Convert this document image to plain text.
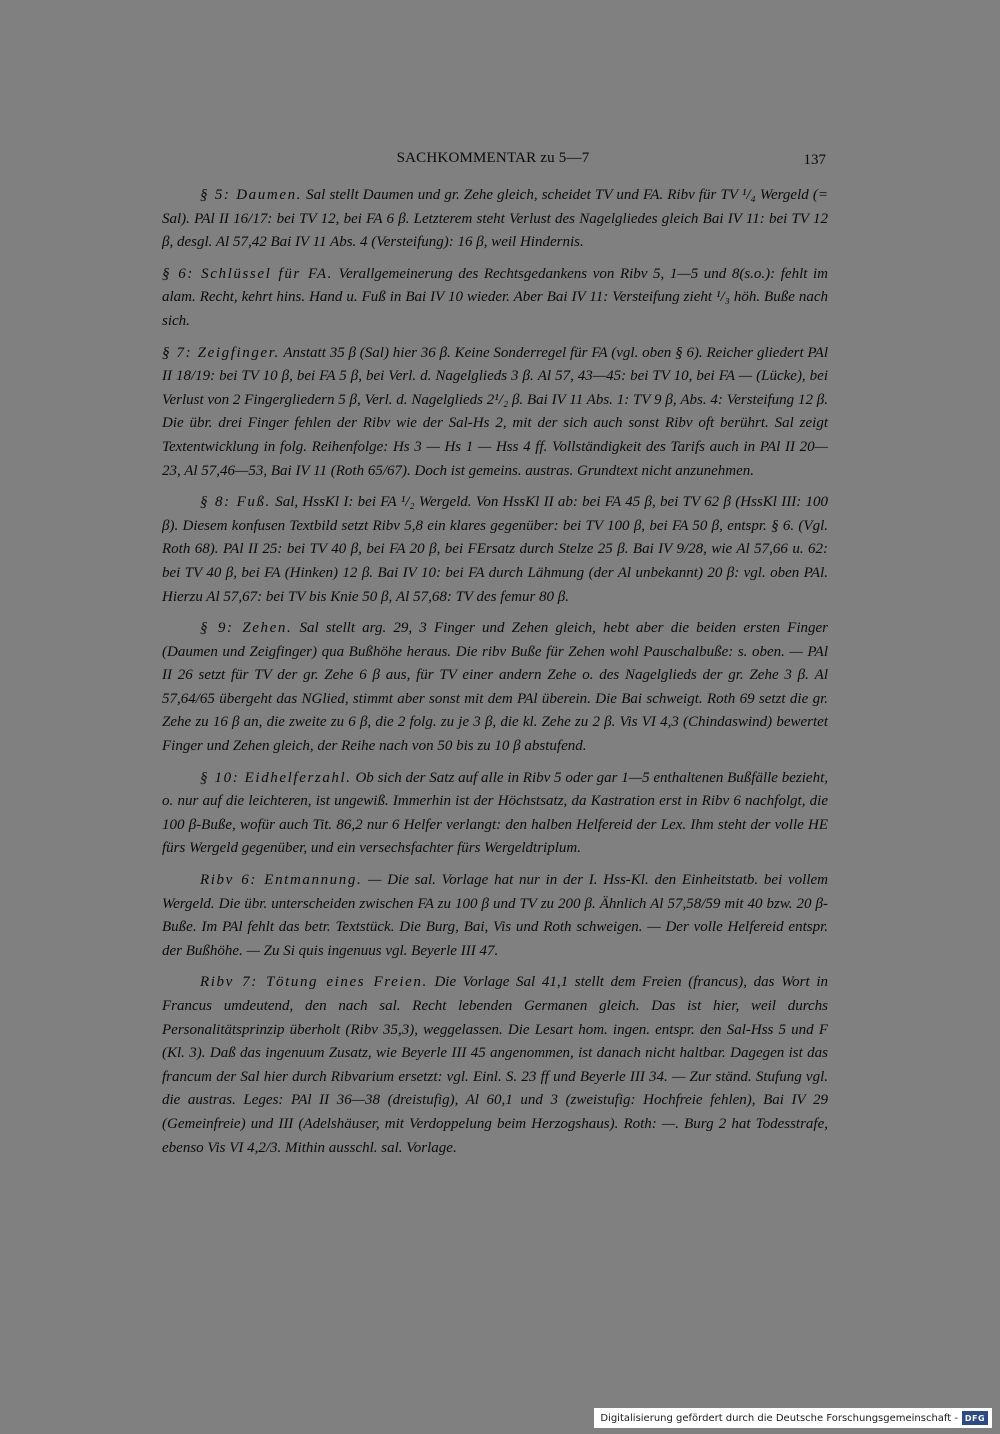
SACHKOMMENTAR zu 5—7	137

§ 5: Daumen. Sal stellt Daumen und gr. Zehe gleich, scheidet TV und FA. Ribv für TV ¹/₄ Wergeld (= Sal). PAl II 16/17: bei TV 12, bei FA 6 β. Letzterem steht Verlust des Nagelgliedes gleich Bai IV 11: bei TV 12 β, desgl. Al 57,42 Bai IV 11 Abs. 4 (Versteifung): 16 β, weil Hindernis.

§ 6: Schlüssel für FA. Verallgemeinerung des Rechtsgedankens von Ribv 5, 1—5 und 8(s.o.): fehlt im alam. Recht, kehrt hins. Hand u. Fuß in Bai IV 10 wieder. Aber Bai IV 11: Versteifung zieht ¹/₃ höh. Buße nach sich.

§ 7: Zeigfinger. Anstatt 35 β (Sal) hier 36 β. Keine Sonderregel für FA (vgl. oben § 6). Reicher gliedert PAl II 18/19: bei TV 10 β, bei FA 5 β, bei Verl. d. Nagelglieds 3 β. Al 57, 43—45: bei TV 10, bei FA — (Lücke), bei Verlust von 2 Fingergliedern 5 β, Verl. d. Nagelglieds 2¹/₂ β. Bai IV 11 Abs. 1: TV 9 β, Abs. 4: Versteifung 12 β. Die übr. drei Finger fehlen der Ribv wie der Sal-Hs 2, mit der sich auch sonst Ribv oft berührt. Sal zeigt Textentwicklung in folg. Reihenfolge: Hs 3 — Hs 1 — Hss 4 ff. Vollständigkeit des Tarifs auch in PAl II 20—23, Al 57,46—53, Bai IV 11 (Roth 65/67). Doch ist gemeins. austras. Grundtext nicht anzunehmen.

§ 8: Fuß. Sal, HssKl I: bei FA ¹/₂ Wergeld. Von HssKl II ab: bei FA 45 β, bei TV 62 β (HssKl III: 100 β). Diesem konfusen Textbild setzt Ribv 5,8 ein klares gegenüber: bei TV 100 β, bei FA 50 β, entspr. § 6. (Vgl. Roth 68). PAl II 25: bei TV 40 β, bei FA 20 β, bei FErsatz durch Stelze 25 β. Bai IV 9/28, wie Al 57,66 u. 62: bei TV 40 β, bei FA (Hinken) 12 β. Bai IV 10: bei FA durch Lähmung (der Al unbekannt) 20 β: vgl. oben PAl. Hierzu Al 57,67: bei TV bis Knie 50 β, Al 57,68: TV des femur 80 β.

§ 9: Zehen. Sal stellt arg. 29, 3 Finger und Zehen gleich, hebt aber die beiden ersten Finger (Daumen und Zeigfinger) qua Bußhöhe heraus. Die ribv Buße für Zehen wohl Pauschalbuße: s. oben. — PAl II 26 setzt für TV der gr. Zehe 6 β aus, für TV einer andern Zehe o. des Nagelglieds der gr. Zehe 3 β. Al 57,64/65 übergeht das NGlied, stimmt aber sonst mit dem PAl überein. Die Bai schweigt. Roth 69 setzt die gr. Zehe zu 16 β an, die zweite zu 6 β, die 2 folg. zu je 3 β, die kl. Zehe zu 2 β. Vis VI 4,3 (Chindaswind) bewertet Finger und Zehen gleich, der Reihe nach von 50 bis zu 10 β abstufend.

§ 10: Eidhelferzahl. Ob sich der Satz auf alle in Ribv 5 oder gar 1—5 enthaltenen Bußfälle bezieht, o. nur auf die leichteren, ist ungewiß. Immerhin ist der Höchstsatz, da Kastration erst in Ribv 6 nachfolgt, die 100 β-Buße, wofür auch Tit. 86,2 nur 6 Helfer verlangt: den halben Helfereid der Lex. Ihm steht der volle HE fürs Wergeld gegenüber, und ein versechsfachter fürs Wergeldtriplum.

Ribv 6: Entmannung. — Die sal. Vorlage hat nur in der I. Hss-Kl. den Einheitstatb. bei vollem Wergeld. Die übr. unterscheiden zwischen FA zu 100 β und TV zu 200 β. Ähnlich Al 57,58/59 mit 40 bzw. 20 β-Buße. Im PAl fehlt das betr. Textstück. Die Burg, Bai, Vis und Roth schweigen. — Der volle Helfereid entspr. der Bußhöhe. — Zu Si quis ingenuus vgl. Beyerle III 47.

Ribv 7: Tötung eines Freien. Die Vorlage Sal 41,1 stellt dem Freien (francus), das Wort in Francus umdeutend, den nach sal. Recht lebenden Germanen gleich. Das ist hier, weil durchs Personalitätsprinzip überholt (Ribv 35,3), weggelassen. Die Lesart hom. ingen. entspr. den Sal-Hss 5 und F (Kl. 3). Daß das ingenuum Zusatz, wie Beyerle III 45 angenommen, ist danach nicht haltbar. Dagegen ist das francum der Sal hier durch Ribvarium ersetzt: vgl. Einl. S. 23 ff und Beyerle III 34. — Zur ständ. Stufung vgl. die austras. Leges: PAl II 36—38 (dreistufig), Al 60,1 und 3 (zweistufig: Hochfreie fehlen), Bai IV 29 (Gemeinfreie) und III (Adelshäuser, mit Verdoppelung beim Herzogshaus). Roth: —. Burg 2 hat Todesstrafe, ebenso Vis VI 4,2/3. Mithin ausschl. sal. Vorlage.

Digitalisierung gefördert durch die Deutsche Forschungsgemeinschaft - DFG
